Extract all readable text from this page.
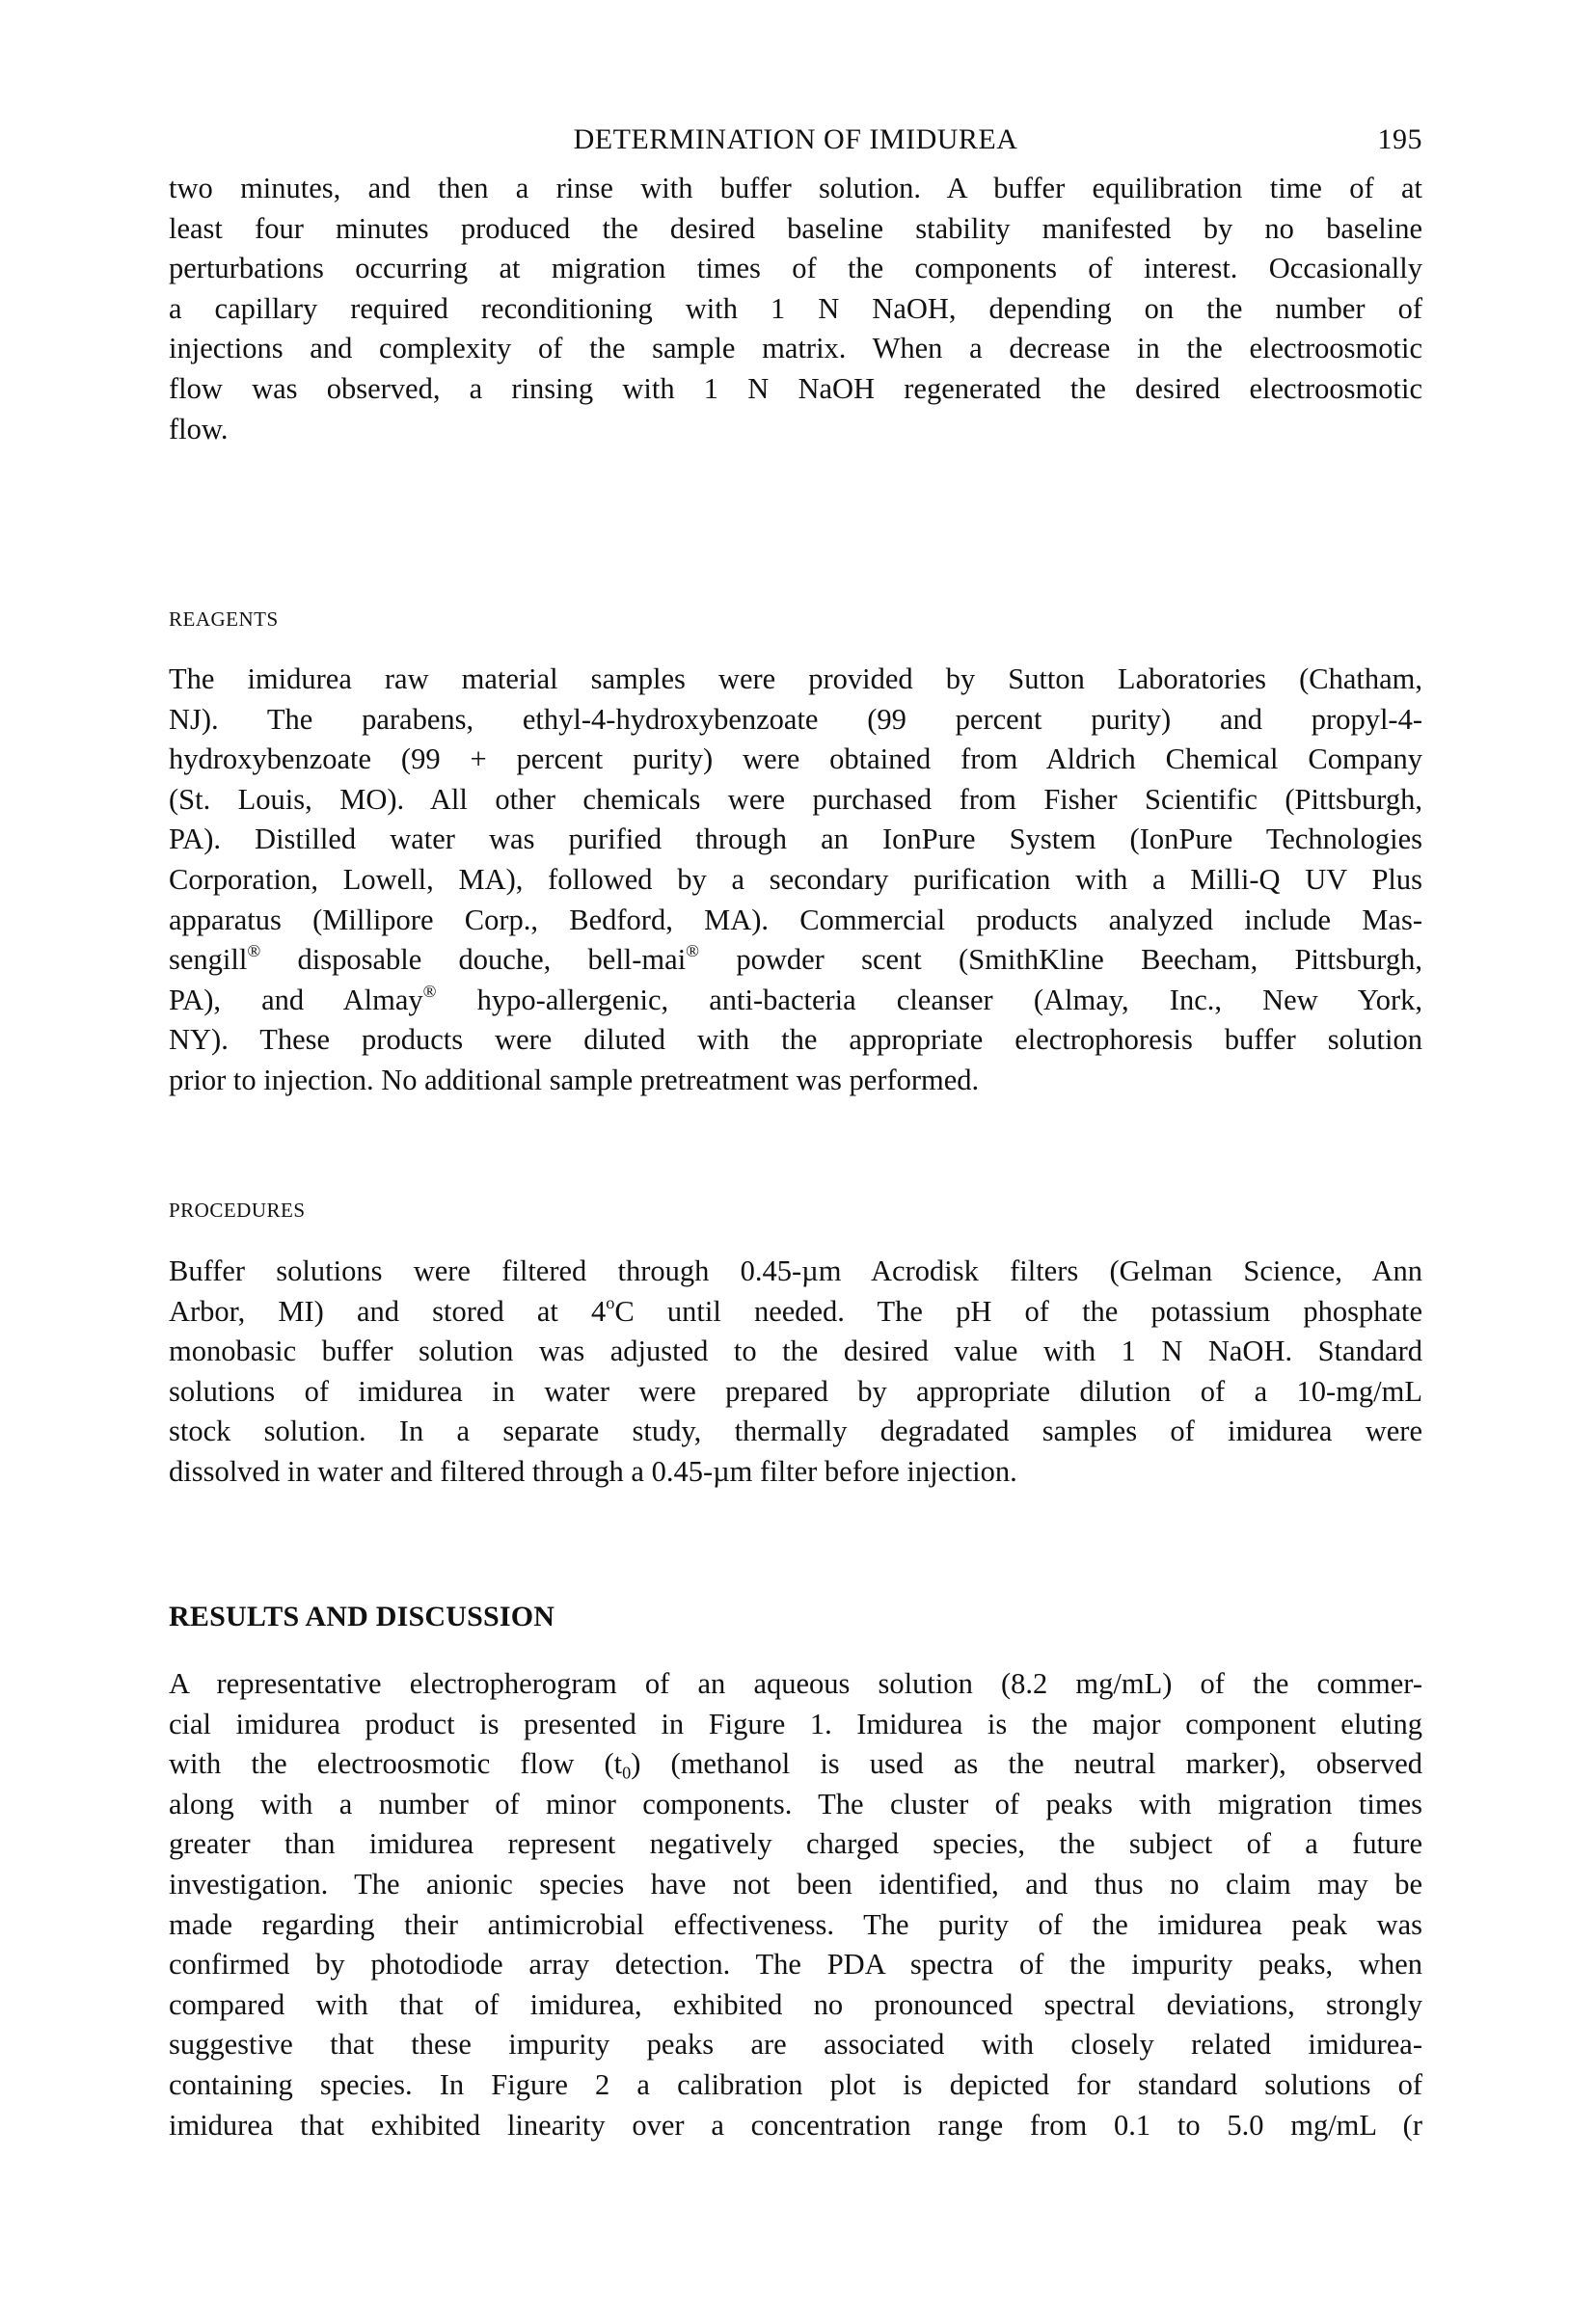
DETERMINATION OF IMIDUREA	195
two minutes, and then a rinse with buffer solution. A buffer equilibration time of at
least four minutes produced the desired baseline stability manifested by no baseline
perturbations occurring at migration times of the components of interest. Occasionally
a capillary required reconditioning with 1 N NaOH, depending on the number of
injections and complexity of the sample matrix. When a decrease in the electroosmotic
flow was observed, a rinsing with 1 N NaOH regenerated the desired electroosmotic
flow.
REAGENTS
The imidurea raw material samples were provided by Sutton Laboratories (Chatham,
NJ). The parabens, ethyl-4-hydroxybenzoate (99 percent purity) and propyl-4-
hydroxybenzoate (99 + percent purity) were obtained from Aldrich Chemical Company
(St. Louis, MO). All other chemicals were purchased from Fisher Scientific (Pittsburgh,
PA). Distilled water was purified through an IonPure System (IonPure Technologies
Corporation, Lowell, MA), followed by a secondary purification with a Milli-Q UV Plus
apparatus (Millipore Corp., Bedford, MA). Commercial products analyzed include Mas-
sengill® disposable douche, bell-mai® powder scent (SmithKline Beecham, Pittsburgh,
PA), and Almay® hypo-allergenic, anti-bacteria cleanser (Almay, Inc., New York,
NY). These products were diluted with the appropriate electrophoresis buffer solution
prior to injection. No additional sample pretreatment was performed.
PROCEDURES
Buffer solutions were filtered through 0.45-µm Acrodisk filters (Gelman Science, Ann
Arbor, MI) and stored at 4$^o$C until needed. The pH of the potassium phosphate
monobasic buffer solution was adjusted to the desired value with 1 N NaOH. Standard
solutions of imidurea in water were prepared by appropriate dilution of a 10-mg/mL
stock solution. In a separate study, thermally degradated samples of imidurea were
dissolved in water and filtered through a 0.45-µm filter before injection.
RESULTS AND DISCUSSION
A representative electropherogram of an aqueous solution (8.2 mg/mL) of the commer-
cial imidurea product is presented in Figure 1. Imidurea is the major component eluting
with the electroosmotic flow $(t_0)$ (methanol is used as the neutral marker), observed
along with a number of minor components. The cluster of peaks with migration times
greater than imidurea represent negatively charged species, the subject of a future
investigation. The anionic species have not been identified, and thus no claim may be
made regarding their antimicrobial effectiveness. The purity of the imidurea peak was
confirmed by photodiode array detection. The PDA spectra of the impurity peaks, when
compared with that of imidurea, exhibited no pronounced spectral deviations, strongly
suggestive that these impurity peaks are associated with closely related imidurea-
containing species. In Figure 2 a calibration plot is depicted for standard solutions of
imidurea that exhibited linearity over a concentration range from 0.1 to 5.0 mg/mL (r
